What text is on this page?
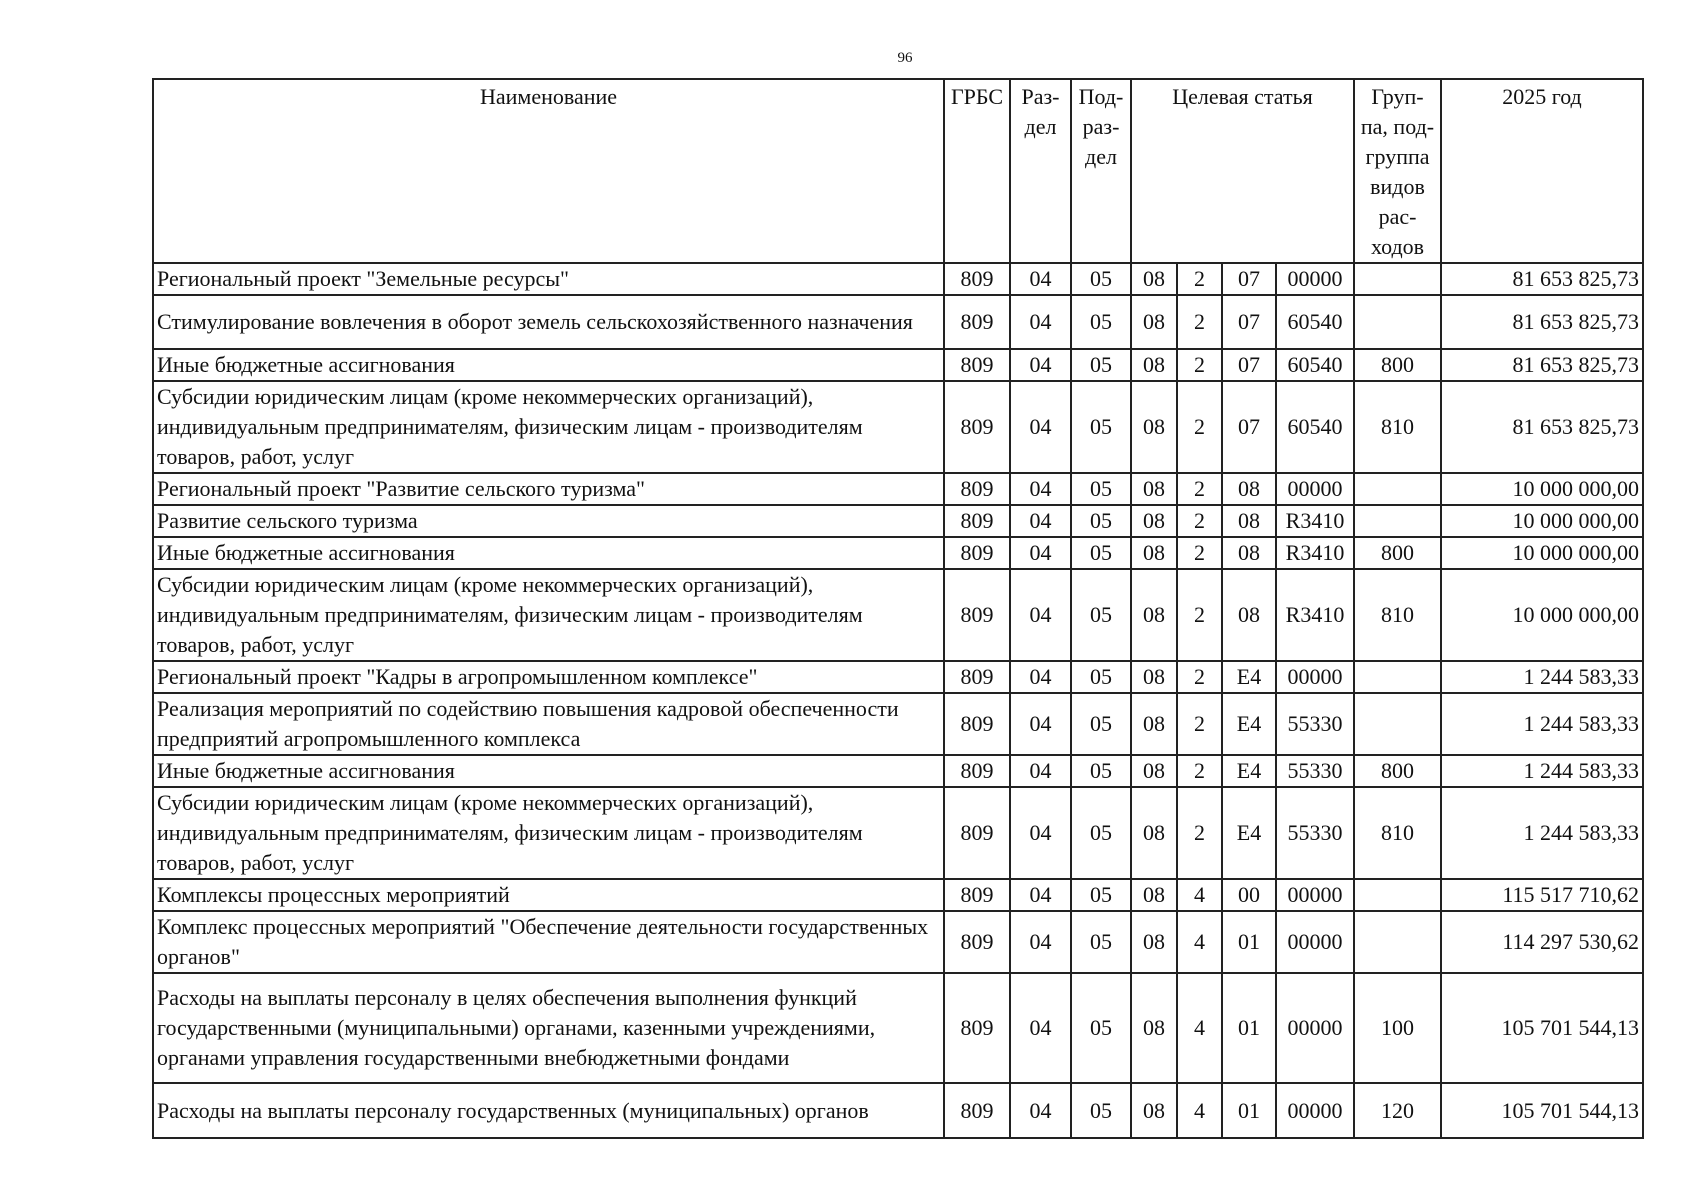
96
Наименование	ГРБС	Раз-дел	Под-раз-дел	Целевая статья				Груп-па, под-группа видов рас-ходов	2025 год
Региональный проект "Земельные ресурсы"	809	04	05	08	2	07	00000		81 653 825,73
Стимулирование вовлечения в оборот земель сельскохозяйственного назначения	809	04	05	08	2	07	60540		81 653 825,73
Иные бюджетные ассигнования	809	04	05	08	2	07	60540	800	81 653 825,73
Субсидии юридическим лицам (кроме некоммерческих организаций), индивидуальным предпринимателям, физическим лицам - производителям товаров, работ, услуг	809	04	05	08	2	07	60540	810	81 653 825,73
Региональный проект "Развитие сельского туризма"	809	04	05	08	2	08	00000		10 000 000,00
Развитие сельского туризма	809	04	05	08	2	08	R3410		10 000 000,00
Иные бюджетные ассигнования	809	04	05	08	2	08	R3410	800	10 000 000,00
Субсидии юридическим лицам (кроме некоммерческих организаций), индивидуальным предпринимателям, физическим лицам - производителям товаров, работ, услуг	809	04	05	08	2	08	R3410	810	10 000 000,00
Региональный проект "Кадры в агропромышленном комплексе"	809	04	05	08	2	Е4	00000		1 244 583,33
Реализация мероприятий по содействию повышения кадровой обеспеченности предприятий агропромышленного комплекса	809	04	05	08	2	Е4	55330		1 244 583,33
Иные бюджетные ассигнования	809	04	05	08	2	Е4	55330	800	1 244 583,33
Субсидии юридическим лицам (кроме некоммерческих организаций), индивидуальным предпринимателям, физическим лицам - производителям товаров, работ, услуг	809	04	05	08	2	Е4	55330	810	1 244 583,33
Комплексы процессных мероприятий	809	04	05	08	4	00	00000		115 517 710,62
Комплекс процессных мероприятий "Обеспечение деятельности государственных органов"	809	04	05	08	4	01	00000		114 297 530,62
Расходы на выплаты персоналу в целях обеспечения выполнения функций государственными (муниципальными) органами, казенными учреждениями, органами управления государственными внебюджетными фондами	809	04	05	08	4	01	00000	100	105 701 544,13
Расходы на выплаты персоналу государственных (муниципальных) органов	809	04	05	08	4	01	00000	120	105 701 544,13
